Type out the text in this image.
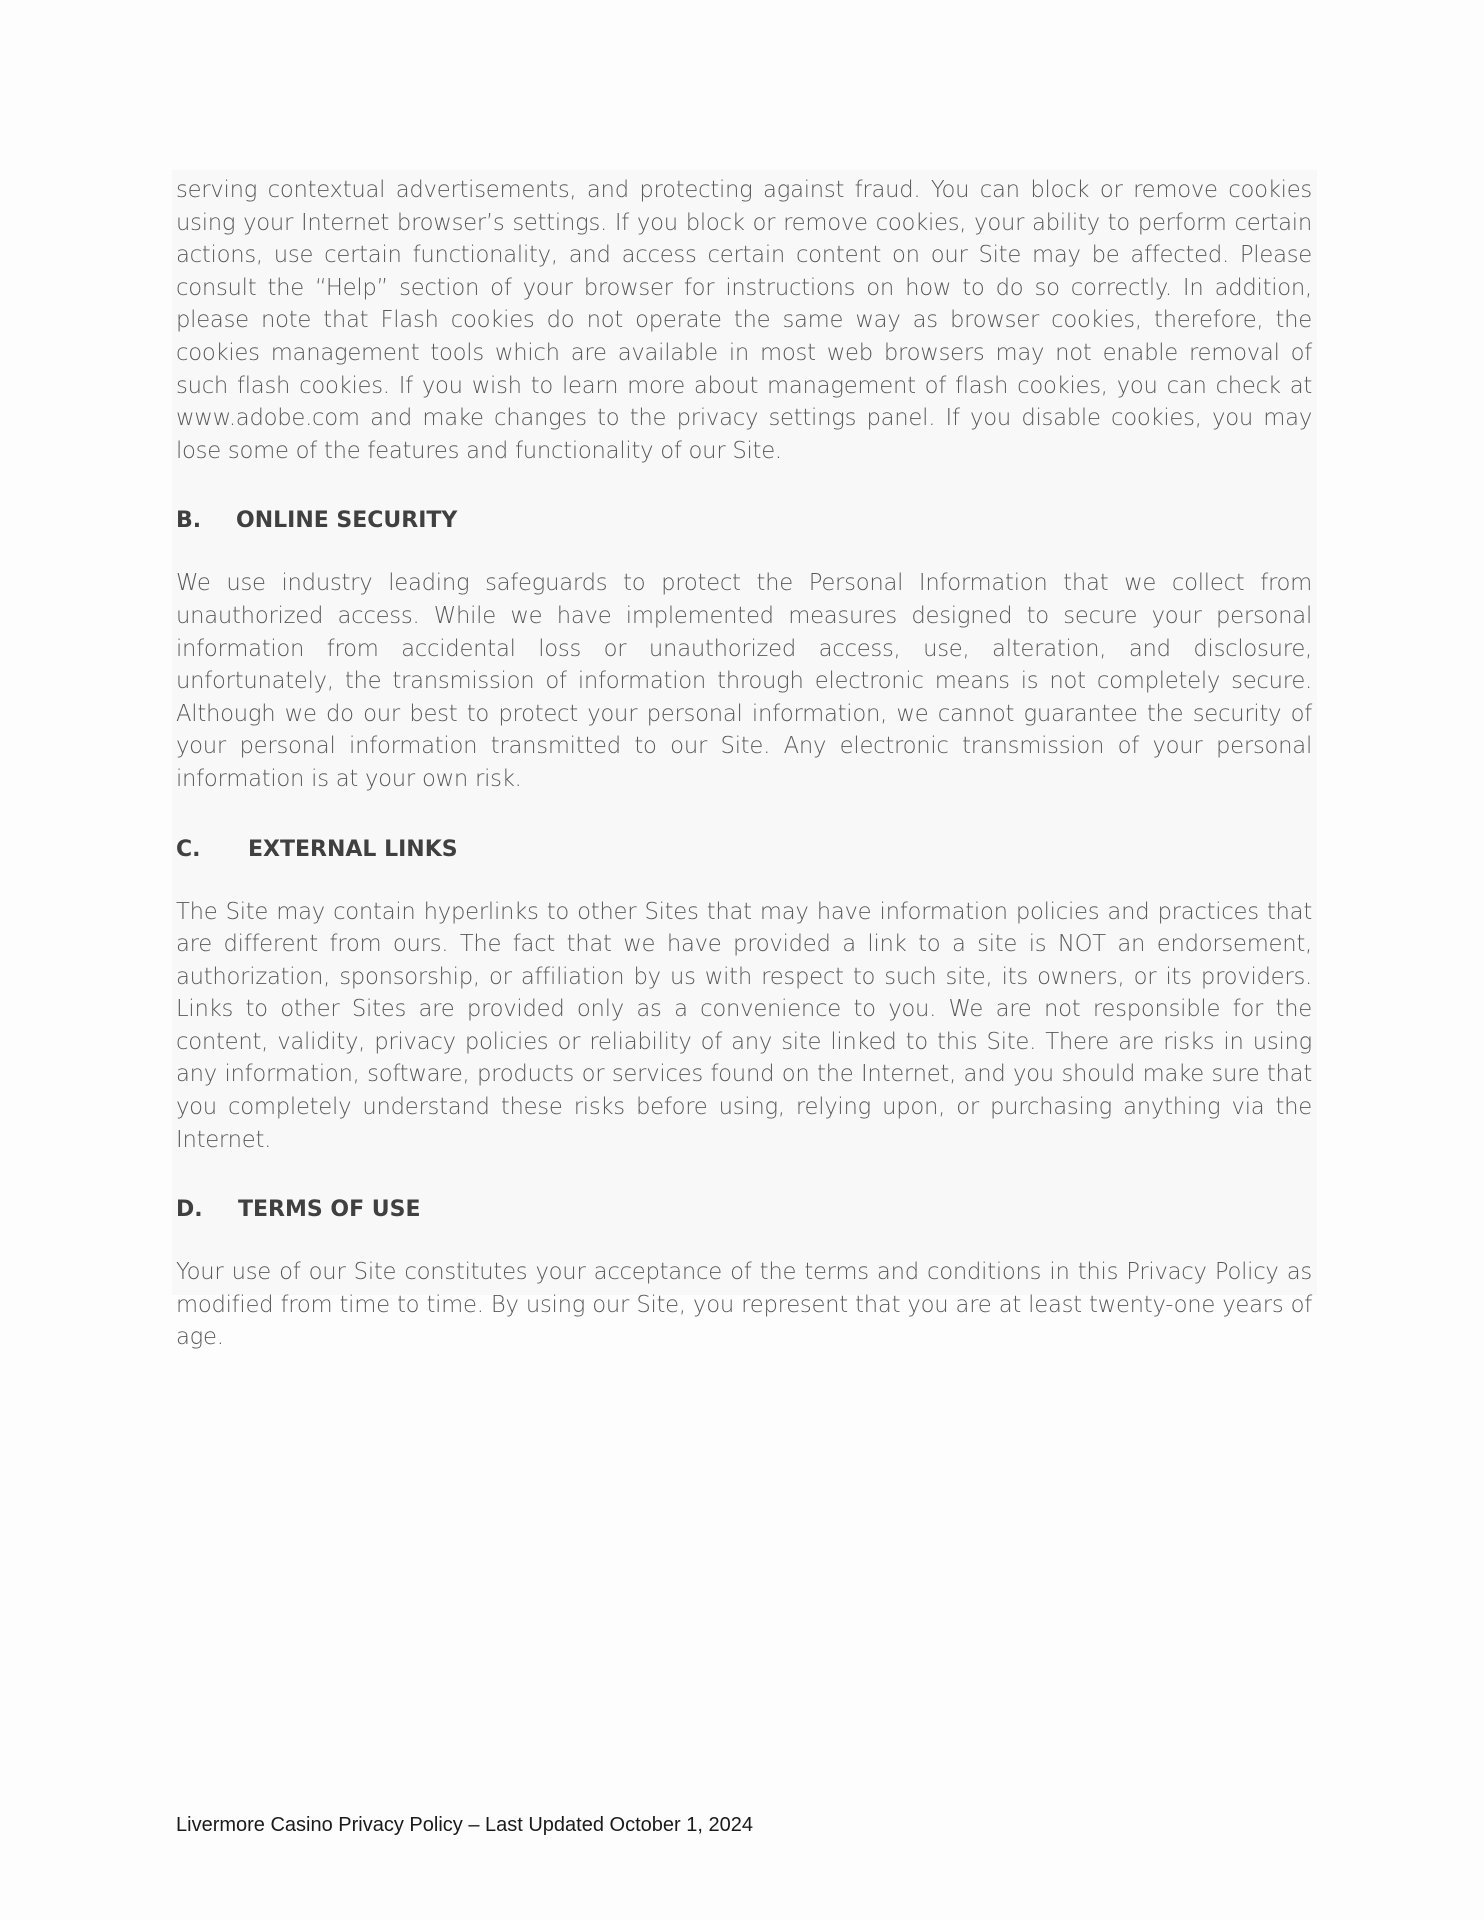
serving contextual advertisements, and protecting against fraud. You can block or remove cookies using your Internet browser’s settings. If you block or remove cookies, your ability to perform certain actions, use certain functionality, and access certain content on our Site may be affected. Please consult the “Help” section of your browser for instructions on how to do so correctly. In addition, please note that Flash cookies do not operate the same way as browser cookies, therefore, the cookies management tools which are available in most web browsers may not enable removal of such flash cookies. If you wish to learn more about management of flash cookies, you can check at www.adobe.com and make changes to the privacy settings panel. If you disable cookies, you may lose some of the features and functionality of our Site.

B.	ONLINE SECURITY

We use industry leading safeguards to protect the Personal Information that we collect from unauthorized access. While we have implemented measures designed to secure your personal information from accidental loss or unauthorized access, use, alteration, and disclosure, unfortunately, the transmission of information through electronic means is not completely secure. Although we do our best to protect your personal information, we cannot guarantee the security of your personal information transmitted to our Site. Any electronic transmission of your personal information is at your own risk.

C.	EXTERNAL LINKS

The Site may contain hyperlinks to other Sites that may have information policies and practices that are different from ours. The fact that we have provided a link to a site is NOT an endorsement, authorization, sponsorship, or affiliation by us with respect to such site, its owners, or its providers. Links to other Sites are provided only as a convenience to you. We are not responsible for the content, validity, privacy policies or reliability of any site linked to this Site. There are risks in using any information, software, products or services found on the Internet, and you should make sure that you completely understand these risks before using, relying upon, or purchasing anything via the Internet.

D.	TERMS OF USE

Your use of our Site constitutes your acceptance of the terms and conditions in this Privacy Policy as modified from time to time. By using our Site, you represent that you are at least twenty-one years of age.

Livermore Casino Privacy Policy – Last Updated October 1, 2024
